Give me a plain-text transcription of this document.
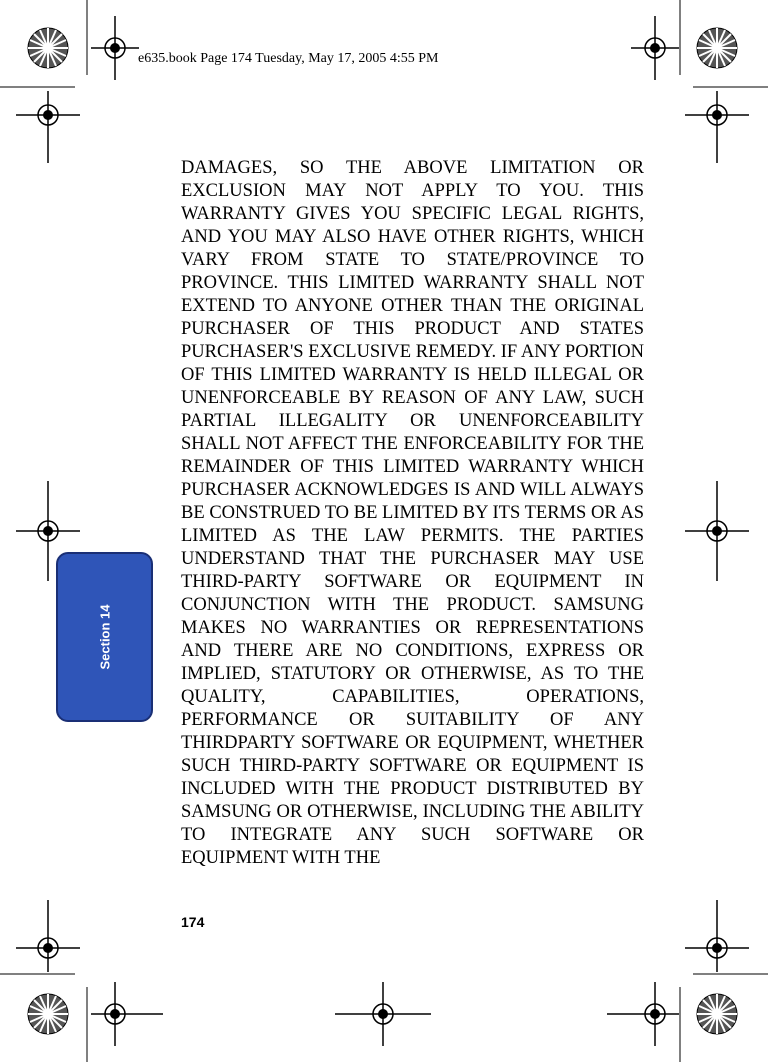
e635.book Page 174 Tuesday, May 17, 2005 4:55 PM
Section 14

DAMAGES, SO THE ABOVE LIMITATION OR EXCLUSION MAY NOT APPLY TO YOU. THIS WARRANTY GIVES YOU SPECIFIC LEGAL RIGHTS, AND YOU MAY ALSO HAVE OTHER RIGHTS, WHICH VARY FROM STATE TO STATE/PROVINCE TO PROVINCE. THIS LIMITED WARRANTY SHALL NOT EXTEND TO ANYONE OTHER THAN THE ORIGINAL PURCHASER OF THIS PRODUCT AND STATES PURCHASER'S EXCLUSIVE REMEDY. IF ANY PORTION OF THIS LIMITED WARRANTY IS HELD ILLEGAL OR UNENFORCEABLE BY REASON OF ANY LAW, SUCH PARTIAL ILLEGALITY OR UNENFORCEABILITY SHALL NOT AFFECT THE ENFORCEABILITY FOR THE REMAINDER OF THIS LIMITED WARRANTY WHICH PURCHASER ACKNOWLEDGES IS AND WILL ALWAYS BE CONSTRUED TO BE LIMITED BY ITS TERMS OR AS LIMITED AS THE LAW PERMITS. THE PARTIES UNDERSTAND THAT THE PURCHASER MAY USE THIRD-PARTY SOFTWARE OR EQUIPMENT IN CONJUNCTION WITH THE PRODUCT. SAMSUNG MAKES NO WARRANTIES OR REPRESENTATIONS AND THERE ARE NO CONDITIONS, EXPRESS OR IMPLIED, STATUTORY OR OTHERWISE, AS TO THE QUALITY, CAPABILITIES, OPERATIONS, PERFORMANCE OR SUITABILITY OF ANY THIRDPARTY SOFTWARE OR EQUIPMENT, WHETHER SUCH THIRD-PARTY SOFTWARE OR EQUIPMENT IS INCLUDED WITH THE PRODUCT DISTRIBUTED BY SAMSUNG OR OTHERWISE, INCLUDING THE ABILITY TO INTEGRATE ANY SUCH SOFTWARE OR EQUIPMENT WITH THE

174
